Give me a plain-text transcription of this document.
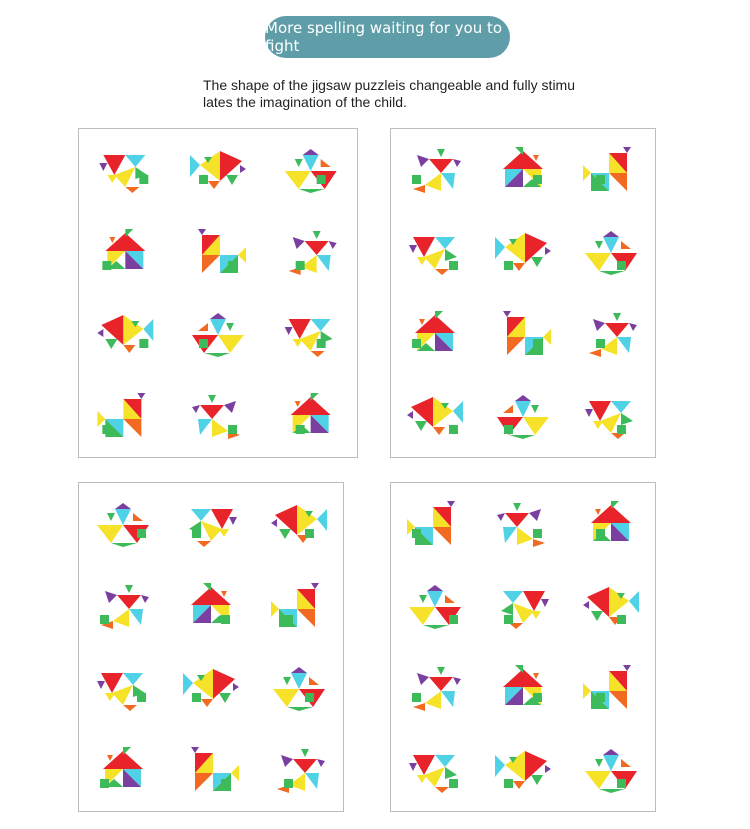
More spelling waiting for you to fight
The shape of the jigsaw puzzleis changeable and fully stimu
lates the imagination of the child.
